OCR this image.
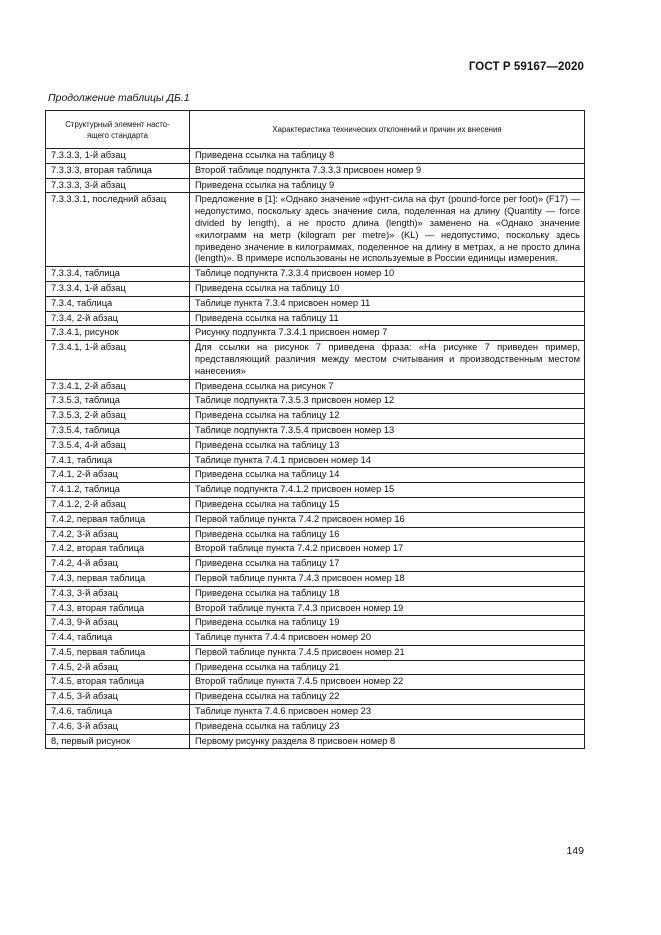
ГОСТ Р 59167—2020
Продолжение таблицы ДБ.1
Структурный элемент насто-
ящего стандарта	Характеристика технических отклонений и причин их внесения
7.3.3.3, 1-й абзац	Приведена ссылка на таблицу 8
7.3.3.3, вторая таблица	Второй таблице подпункта 7.3.3.3 присвоен номер 9
7.3.3.3, 3-й абзац	Приведена ссылка на таблицу 9
7.3.3.3.1, последний абзац	Предложение в [1]: «Однако значение «фунт-сила на фут (pound-force per foot)» (F17) — недопустимо, поскольку здесь значение сила, поделенная на длину (Quantity — force divided by length), а не просто длина (length)» заменено на «Однако значение «килограмм на метр (kilogram per metre)» (KL) — недопустимо, поскольку здесь приведено значение в килограммах, поделенное на длину в метрах, а не просто длина (length)». В примере использованы не используемые в России единицы измерения.
7.3.3.4, таблица	Таблице подпункта 7.3.3.4 присвоен номер 10
7.3.3.4, 1-й абзац	Приведена ссылка на таблицу 10
7.3.4, таблица	Таблице пункта 7.3.4 присвоен номер 11
7.3.4, 2-й абзац	Приведена ссылка на таблицу 11
7.3.4.1, рисунок	Рисунку подпункта 7.3.4.1 присвоен номер 7
7.3.4.1, 1-й абзац	Для ссылки на рисунок 7 приведена фраза: «На рисунке 7 приведен пример, представляющий различия между местом считывания и производственным местом нанесения»
7.3.4.1, 2-й абзац	Приведена ссылка на рисунок 7
7.3.5.3, таблица	Таблице подпункта 7.3.5.3 присвоен номер 12
7.3.5.3, 2-й абзац	Приведена ссылка на таблицу 12
7.3.5.4, таблица	Таблице подпункта 7.3.5.4 присвоен номер 13
7.3.5.4, 4-й абзац	Приведена ссылка на таблицу 13
7.4.1, таблица	Таблице пункта 7.4.1 присвоен номер 14
7.4.1, 2-й абзац	Приведена ссылка на таблицу 14
7.4.1.2, таблица	Таблице подпункта 7.4.1.2 присвоен номер 15
7.4.1.2, 2-й абзац	Приведена ссылка на таблицу 15
7.4.2, первая таблица	Первой таблице пункта 7.4.2 присвоен номер 16
7.4.2, 3-й абзац	Приведена ссылка на таблицу 16
7.4.2, вторая таблица	Второй таблице пункта 7.4.2 присвоен номер 17
7.4.2, 4-й абзац	Приведена ссылка на таблицу 17
7.4.3, первая таблица	Первой таблице пункта 7.4.3 присвоен номер 18
7.4.3, 3-й абзац	Приведена ссылка на таблицу 18
7.4.3, вторая таблица	Второй таблице пункта 7.4.3 присвоен номер 19
7.4.3, 9-й абзац	Приведена ссылка на таблицу 19
7.4.4, таблица	Таблице пункта 7.4.4 присвоен номер 20
7.4.5, первая таблица	Первой таблице пункта 7.4.5 присвоен номер 21
7.4.5, 2-й абзац	Приведена ссылка на таблицу 21
7.4.5, вторая таблица	Второй таблице пункта 7.4.5 присвоен номер 22
7.4.5, 3-й абзац	Приведена ссылка на таблицу 22
7.4.6, таблица	Таблице пункта 7.4.6 присвоен номер 23
7.4.6, 3-й абзац	Приведена ссылка на таблицу 23
8, первый рисунок	Первому рисунку раздела 8 присвоен номер 8
149
